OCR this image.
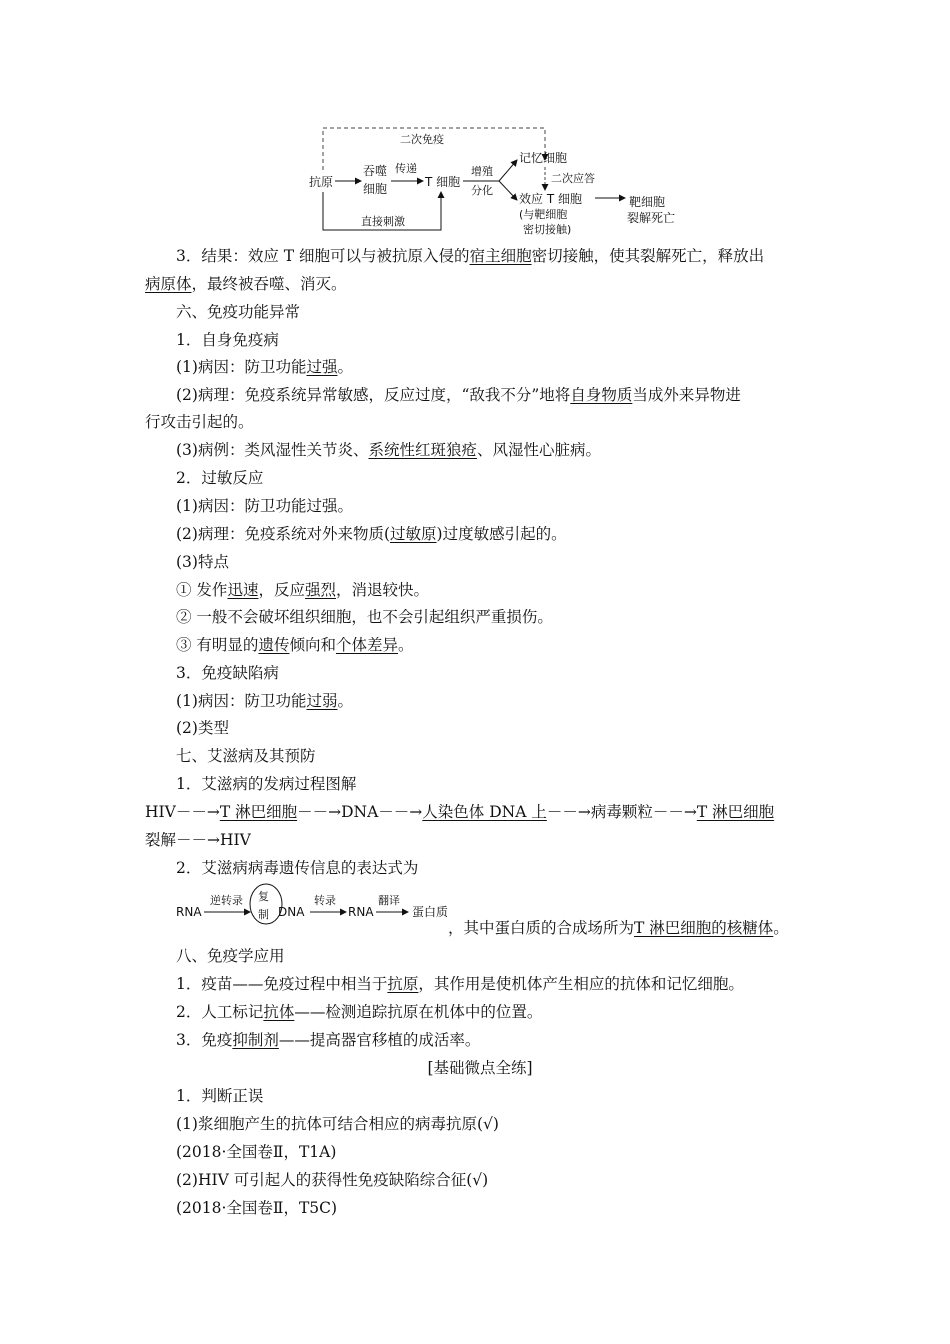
二次免疫
抗原
吞噬
细胞
传递
T 细胞
直接刺激
增殖
分化
记忆细胞
二次应答
效应 T 细胞
(与靶细胞
密切接触)
靶细胞
裂解死亡
3．结果：效应 T 细胞可以与被抗原入侵的宿主细胞密切接触，使其裂解死亡，释放出
病原体，最终被吞噬、消灭。
六、免疫功能异常
1．自身免疫病
(1)病因：防卫功能过强。
(2)病理：免疫系统异常敏感，反应过度，“敌我不分”地将自身物质当成外来异物进
行攻击引起的。
(3)病例：类风湿性关节炎、系统性红斑狼疮、风湿性心脏病。
2．过敏反应
(1)病因：防卫功能过强。
(2)病理：免疫系统对外来物质(过敏原)过度敏感引起的。
(3)特点
① 发作迅速，反应强烈，消退较快。
② 一般不会破坏组织细胞，也不会引起组织严重损伤。
③ 有明显的遗传倾向和个体差异。
3．免疫缺陷病
(1)病因：防卫功能过弱。
(2)类型
七、艾滋病及其预防
1．艾滋病的发病过程图解
HIV－－→T 淋巴细胞－－→DNA－－→人染色体 DNA 上－－→病毒颗粒－－→T 淋巴细胞
裂解－－→HIV
2．艾滋病病毒遗传信息的表达式为
RNA
逆转录 复
制 DNA
转录
RNA
翻译
蛋白质
，其中蛋白质的合成场所为T 淋巴细胞的核糖体。
八、免疫学应用
1．疫苗——免疫过程中相当于抗原，其作用是使机体产生相应的抗体和记忆细胞。
2．人工标记抗体——检测追踪抗原在机体中的位置。
3．免疫抑制剂——提高器官移植的成活率。
[基础微点全练]
1．判断正误
(1)浆细胞产生的抗体可结合相应的病毒抗原(√)
(2018·全国卷Ⅱ，T1A)
(2)HIV 可引起人的获得性免疫缺陷综合征(√)
(2018·全国卷Ⅱ，T5C)
